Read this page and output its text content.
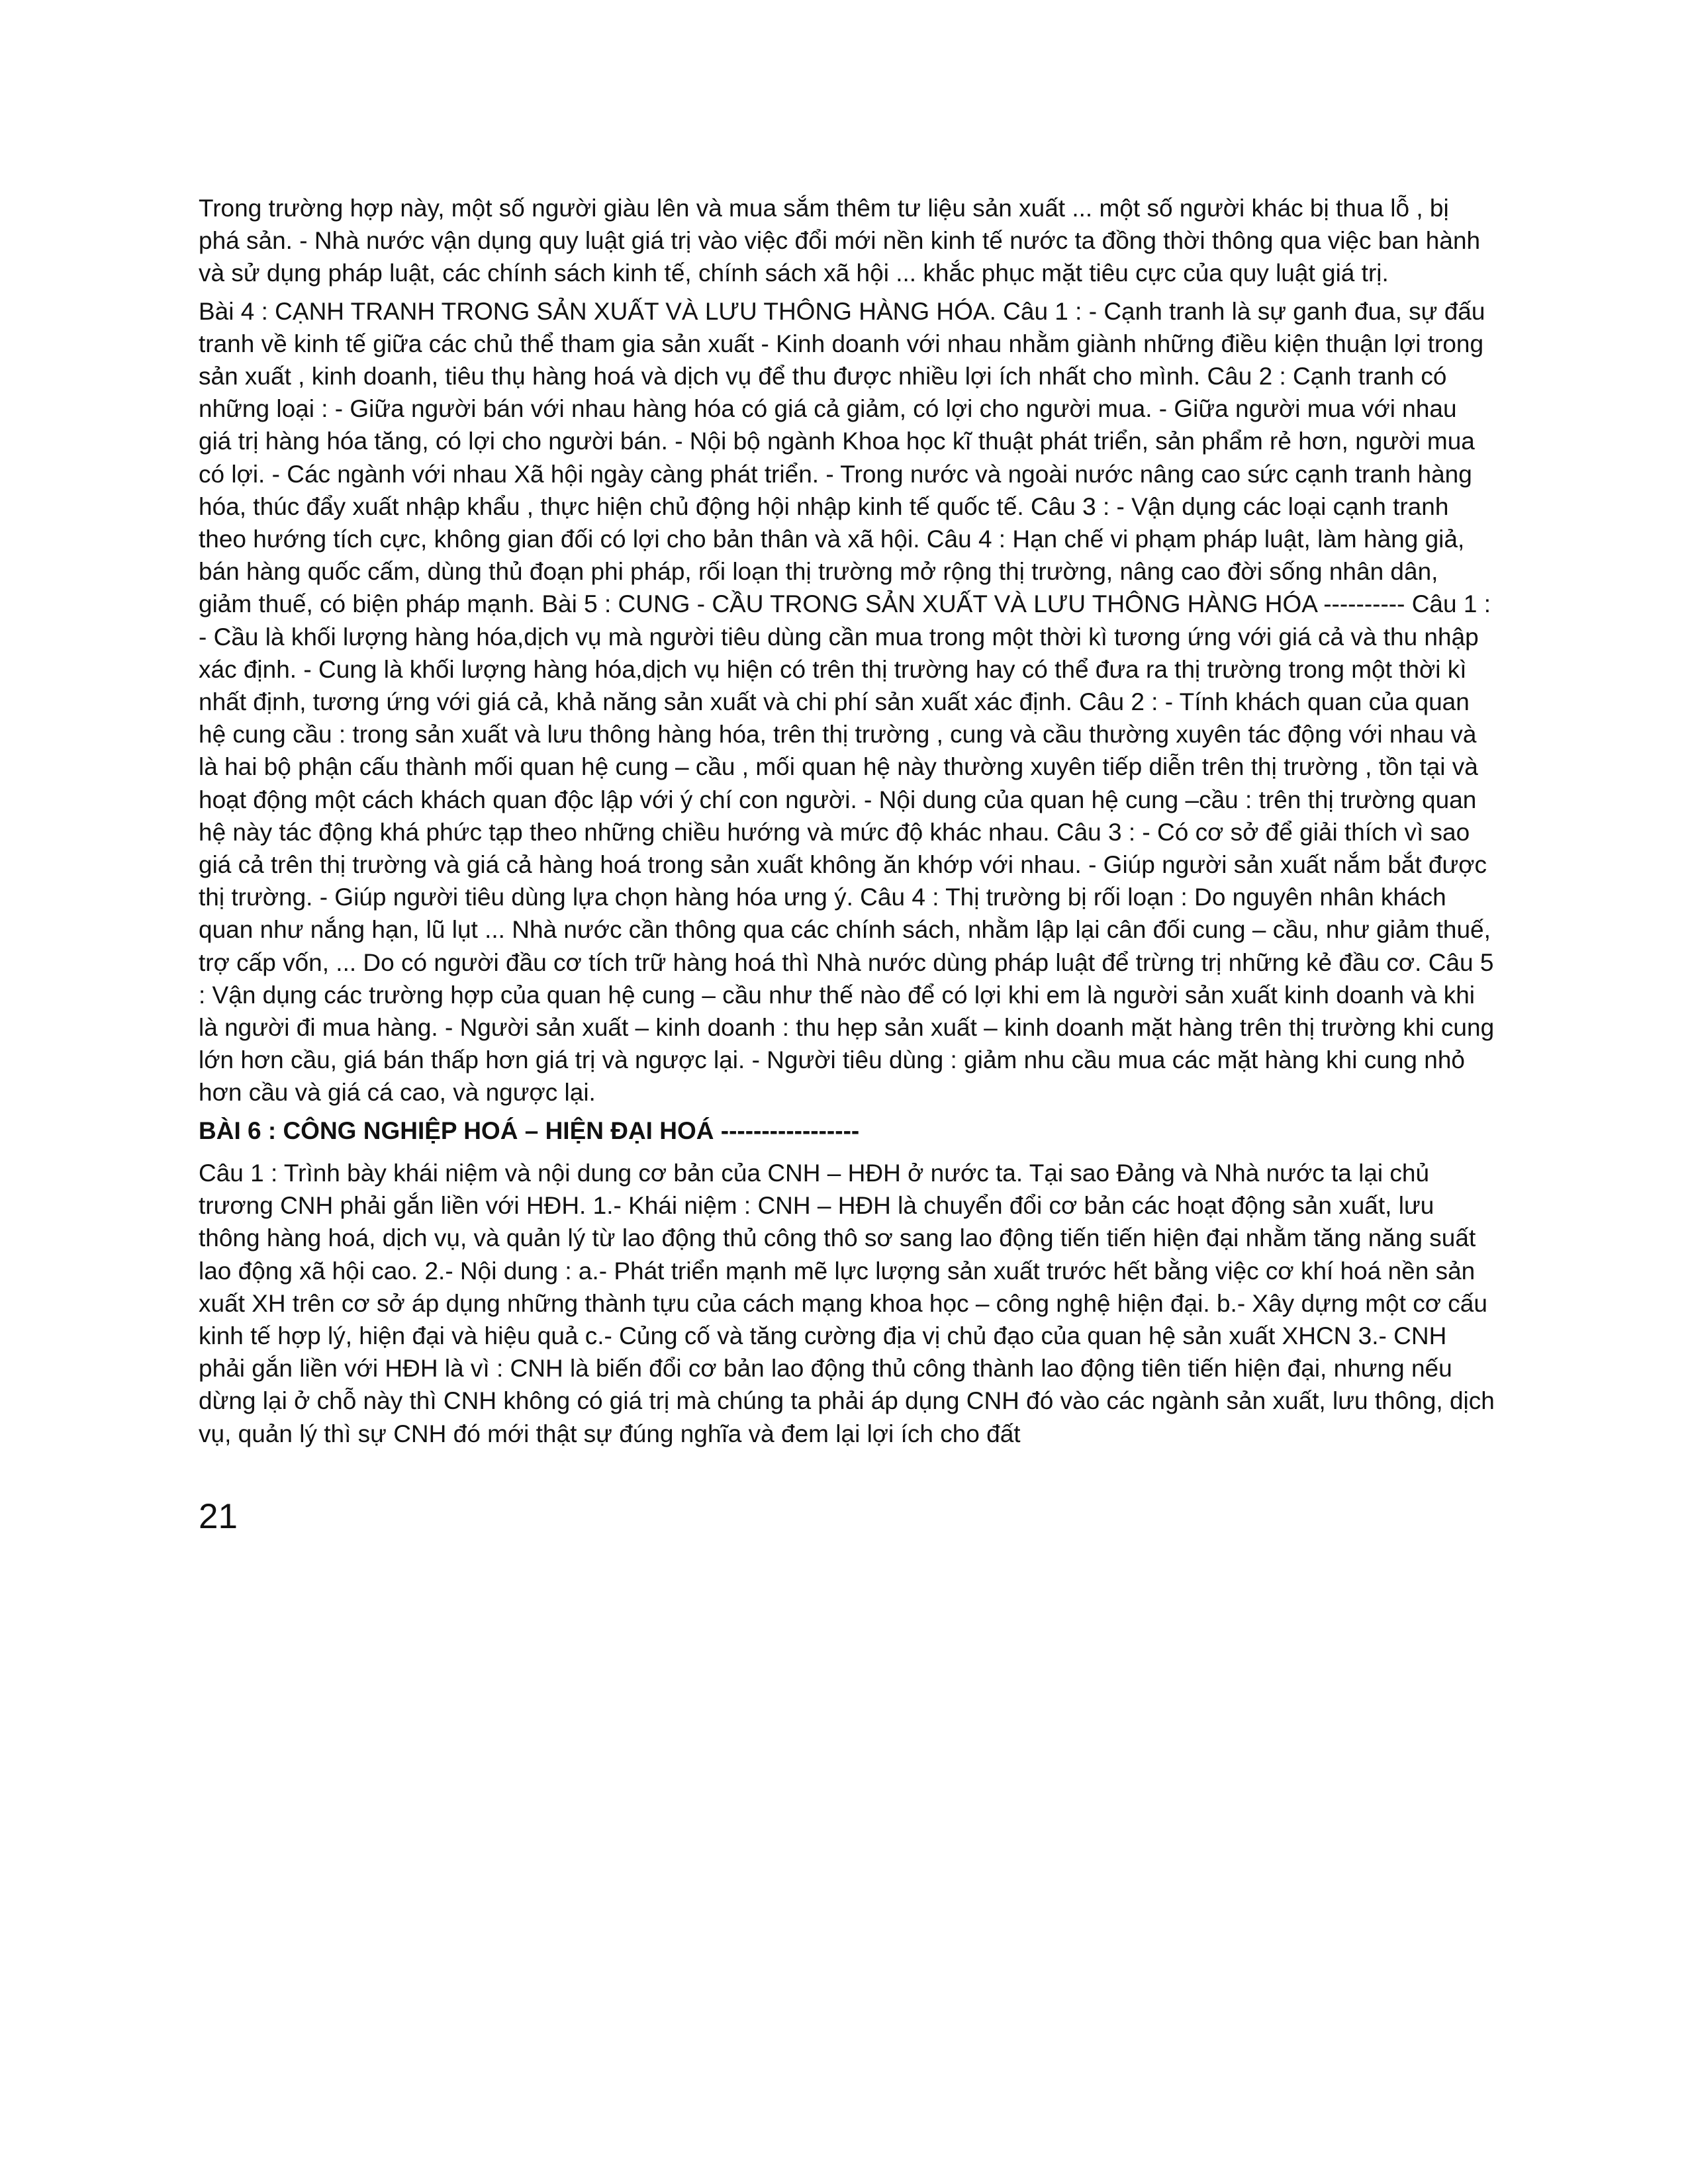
Trong trường hợp này, một số người giàu lên và mua sắm thêm tư liệu sản xuất ... một số người khác bị thua lỗ , bị phá sản. - Nhà nước vận dụng quy luật giá trị vào việc đổi mới nền kinh tế nước ta đồng thời thông qua việc ban hành và sử dụng pháp luật, các chính sách kinh tế, chính sách xã hội ... khắc phục mặt tiêu cực của quy luật giá trị.

Bài 4 : CẠNH TRANH TRONG SẢN XUẤT VÀ LƯU THÔNG HÀNG HÓA. Câu 1 : - Cạnh tranh là sự ganh đua, sự đấu tranh về kinh tế giữa các chủ thể tham gia sản xuất - Kinh doanh với nhau nhằm giành những điều kiện thuận lợi trong sản xuất , kinh doanh, tiêu thụ hàng hoá và dịch vụ để thu được nhiều lợi ích nhất cho mình. Câu 2 : Cạnh tranh có những loại : - Giữa người bán với nhau hàng hóa có giá cả giảm, có lợi cho người mua. - Giữa người mua với nhau giá trị hàng hóa tăng, có lợi cho người bán. - Nội bộ ngành Khoa học kĩ thuật phát triển, sản phẩm rẻ hơn, người mua có lợi. - Các ngành với nhau Xã hội ngày càng phát triển. - Trong nước và ngoài nước nâng cao sức cạnh tranh hàng hóa, thúc đẩy xuất nhập khẩu , thực hiện chủ động hội nhập kinh tế quốc tế. Câu 3 : - Vận dụng các loại cạnh tranh theo hướng tích cực, không gian đối có lợi cho bản thân và xã hội. Câu 4 : Hạn chế vi phạm pháp luật, làm hàng giả, bán hàng quốc cấm, dùng thủ đoạn phi pháp, rối loạn thị trường mở rộng thị trường, nâng cao đời sống nhân dân, giảm thuế, có biện pháp mạnh. Bài 5 : CUNG - CẦU TRONG SẢN XUẤT VÀ LƯU THÔNG HÀNG HÓA ---------- Câu 1 : - Cầu là khối lượng hàng hóa,dịch vụ mà người tiêu dùng cần mua trong một thời kì tương ứng với giá cả và thu nhập xác định. - Cung là khối lượng hàng hóa,dịch vụ hiện có trên thị trường hay có thể đưa ra thị trường trong một thời kì nhất định, tương ứng với giá cả, khả năng sản xuất và chi phí sản xuất xác định. Câu 2 : - Tính khách quan của quan hệ cung cầu : trong sản xuất và lưu thông hàng hóa, trên thị trường , cung và cầu thường xuyên tác động với nhau và là hai bộ phận cấu thành mối quan hệ cung – cầu , mối quan hệ này thường xuyên tiếp diễn trên thị trường , tồn tại và hoạt động một cách khách quan độc lập với ý chí con người. - Nội dung của quan hệ cung –cầu : trên thị trường quan hệ này tác động khá phức tạp theo những chiều hướng và mức độ khác nhau. Câu 3 : - Có cơ sở để giải thích vì sao giá cả trên thị trường và giá cả hàng hoá trong sản xuất không ăn khớp với nhau. - Giúp người sản xuất nắm bắt được thị trường. - Giúp người tiêu dùng lựa chọn hàng hóa ưng ý. Câu 4 : Thị trường bị rối loạn : Do nguyên nhân khách quan như nắng hạn, lũ lụt ... Nhà nước cần thông qua các chính sách, nhằm lập lại cân đối cung – cầu, như giảm thuế, trợ cấp vốn, ... Do có người đầu cơ tích trữ hàng hoá thì Nhà nước dùng pháp luật để trừng trị những kẻ đầu cơ. Câu 5 : Vận dụng các trường hợp của quan hệ cung – cầu như thế nào để có lợi khi em là người sản xuất kinh doanh và khi là người đi mua hàng. - Người sản xuất – kinh doanh : thu hẹp sản xuất – kinh doanh mặt hàng trên thị trường khi cung lớn hơn cầu, giá bán thấp hơn giá trị và ngược lại. - Người tiêu dùng : giảm nhu cầu mua các mặt hàng khi cung nhỏ hơn cầu và giá cá cao, và ngược lại.

BÀI 6 : CÔNG NGHIỆP HOÁ – HIỆN ĐẠI HOÁ -----------------

Câu 1 : Trình bày khái niệm và nội dung cơ bản của CNH – HĐH ở nước ta. Tại sao Đảng và Nhà nước ta lại chủ trương CNH phải gắn liền với HĐH. 1.- Khái niệm : CNH – HĐH là chuyển đổi cơ bản các hoạt động sản xuất, lưu thông hàng hoá, dịch vụ, và quản lý từ lao động thủ công thô sơ sang lao động tiến tiến hiện đại nhằm tăng năng suất lao động xã hội cao. 2.- Nội dung : a.- Phát triển mạnh mẽ lực lượng sản xuất trước hết bằng việc cơ khí hoá nền sản xuất XH trên cơ sở áp dụng những thành tựu của cách mạng khoa học – công nghệ hiện đại. b.- Xây dựng một cơ cấu kinh tế hợp lý, hiện đại và hiệu quả c.- Củng cố và tăng cường địa vị chủ đạo của quan hệ sản xuất XHCN 3.- CNH phải gắn liền với HĐH là vì : CNH là biến đổi cơ bản lao động thủ công thành lao động tiên tiến hiện đại, nhưng nếu dừng lại ở chỗ này thì CNH không có giá trị mà chúng ta phải áp dụng CNH đó vào các ngành sản xuất, lưu thông, dịch vụ, quản lý thì sự CNH đó mới thật sự đúng nghĩa và đem lại lợi ích cho đất

21
